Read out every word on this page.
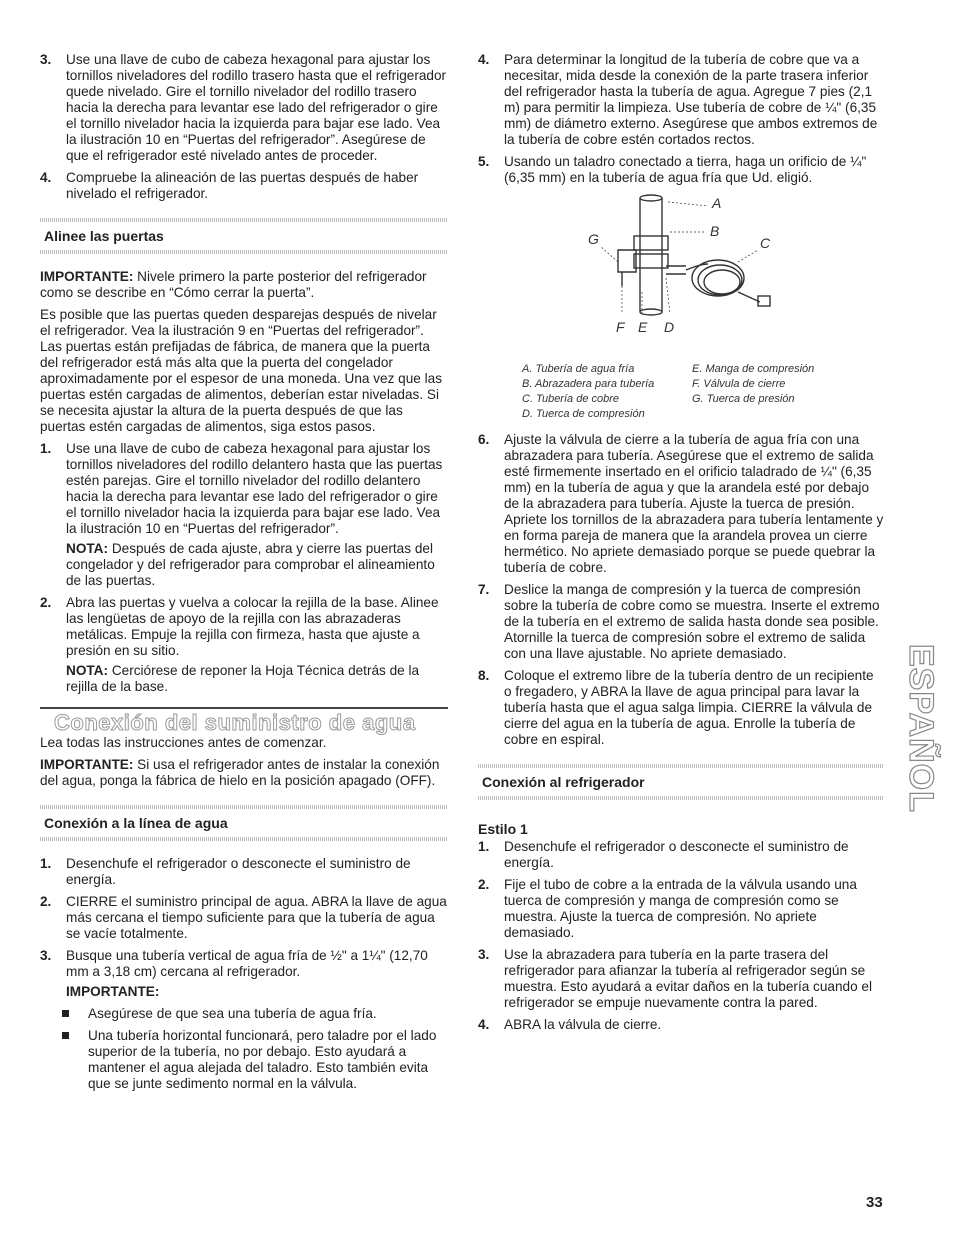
3. Use una llave de cubo de cabeza hexagonal para ajustar los tornillos niveladores del rodillo trasero hasta que el refrigerador quede nivelado. Gire el tornillo nivelador del rodillo trasero hacia la derecha para levantar ese lado del refrigerador o gire el tornillo nivelador hacia la izquierda para bajar ese lado. Vea la ilustración 10 en “Puertas del refrigerador”. Asegúrese de que el refrigerador esté nivelado antes de proceder.

4. Compruebe la alineación de las puertas después de haber nivelado el refrigerador.

Alinee las puertas

IMPORTANTE: Nivele primero la parte posterior del refrigerador como se describe en “Cómo cerrar la puerta”.

Es posible que las puertas queden desparejas después de nivelar el refrigerador. Vea la ilustración 9 en “Puertas del refrigerador”. Las puertas están prefijadas de fábrica, de manera que la puerta del refrigerador está más alta que la puerta del congelador aproximadamente por el espesor de una moneda. Una vez que las puertas estén cargadas de alimentos, deberían estar niveladas. Si se necesita ajustar la altura de la puerta después de que las puertas estén cargadas de alimentos, siga estos pasos.

1. Use una llave de cubo de cabeza hexagonal para ajustar los tornillos niveladores del rodillo delantero hasta que las puertas estén parejas. Gire el tornillo nivelador del rodillo delantero hacia la derecha para levantar ese lado del refrigerador o gire el tornillo nivelador hacia la izquierda para bajar ese lado. Vea la ilustración 10 en “Puertas del refrigerador”.

NOTA: Después de cada ajuste, abra y cierre las puertas del congelador y del refrigerador para comprobar el alineamiento de las puertas.

2. Abra las puertas y vuelva a colocar la rejilla de la base. Alinee las lengüetas de apoyo de la rejilla con las abrazaderas metálicas. Empuje la rejilla con firmeza, hasta que ajuste a presión en su sitio.

NOTA: Cerciórese de reponer la Hoja Técnica detrás de la rejilla de la base.

Conexión del suministro de agua

Lea todas las instrucciones antes de comenzar.

IMPORTANTE: Si usa el refrigerador antes de instalar la conexión del agua, ponga la fábrica de hielo en la posición apagado (OFF).

Conexión a la línea de agua
1. Desenchufe el refrigerador o desconecte el suministro de energía.

2. CIERRE el suministro principal de agua. ABRA la llave de agua más cercana el tiempo suficiente para que la tubería de agua se vacíe totalmente.

3. Busque una tubería vertical de agua fría de ½" a 1¼" (12,70 mm a 3,18 cm) cercana al refrigerador.

IMPORTANTE:

Asegúrese de que sea una tubería de agua fría.
Una tubería horizontal funcionará, pero taladre por el lado superior de la tubería, no por debajo. Esto ayudará a mantener el agua alejada del taladro. Esto también evita que se junte sedimento normal en la válvula.
4. Para determinar la longitud de la tubería de cobre que va a necesitar, mida desde la conexión de la parte trasera inferior del refrigerador hasta la tubería de agua. Agregue 7 pies (2,1 m) para permitir la limpieza. Use tubería de cobre de ¼" (6,35 mm) de diámetro externo. Asegúrese que ambos extremos de la tubería de cobre estén cortados rectos.

5. Usando un taladro conectado a tierra, haga un orificio de ¼" (6,35 mm) en la tubería de agua fría que Ud. eligió.

A
B
C
G
F E D
A. Tubería de agua fría	E. Manga de compresión
B. Abrazadera para tubería	F. Válvula de cierre
C. Tubería de cobre	G. Tuerca de presión
D. Tuerca de compresión
6. Ajuste la válvula de cierre a la tubería de agua fría con una abrazadera para tubería. Asegúrese que el extremo de salida esté firmemente insertado en el orificio taladrado de ¼" (6,35 mm) en la tubería de agua y que la arandela esté por debajo de la abrazadera para tubería. Ajuste la tuerca de presión. Apriete los tornillos de la abrazadera para tubería lentamente y en forma pareja de manera que la arandela provea un cierre hermético. No apriete demasiado porque se puede quebrar la tubería de cobre.

7. Deslice la manga de compresión y la tuerca de compresión sobre la tubería de cobre como se muestra. Inserte el extremo de la tubería en el extremo de salida hasta donde sea posible. Atornille la tuerca de compresión sobre el extremo de salida con una llave ajustable. No apriete demasiado.

8. Coloque el extremo libre de la tubería dentro de un recipiente o fregadero, y ABRA la llave de agua principal para lavar la tubería hasta que el agua salga limpia. CIERRE la válvula de cierre del agua en la tubería de agua. Enrolle la tubería de cobre en espiral.

Conexión al refrigerador
Estilo 1
1. Desenchufe el refrigerador o desconecte el suministro de energía.

2. Fije el tubo de cobre a la entrada de la válvula usando una tuerca de compresión y manga de compresión como se muestra. Ajuste la tuerca de compresión. No apriete demasiado.

3. Use la abrazadera para tubería en la parte trasera del refrigerador para afianzar la tubería al refrigerador según se muestra. Esto ayudará a evitar daños en la tubería cuando el refrigerador se empuje nuevamente contra la pared.

4. ABRA la válvula de cierre.

ESPAÑOL
33
